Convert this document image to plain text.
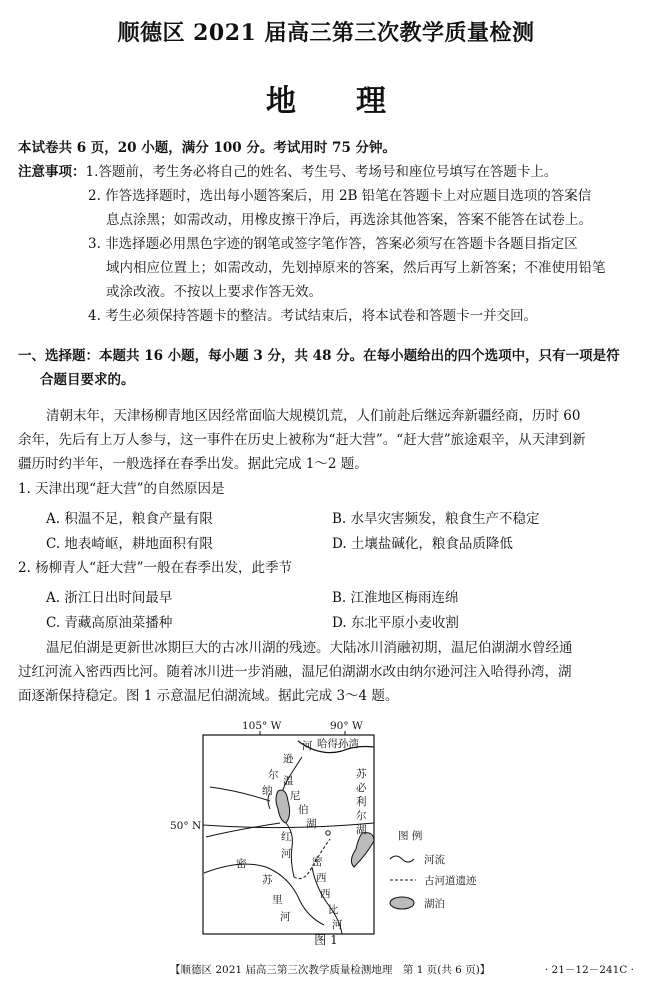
顺德区 2021 届高三第三次教学质量检测
地理
本试卷共 6 页，20 小题，满分 100 分。考试用时 75 分钟。
注意事项：1.答题前，考生务必将自己的姓名、考生号、考场号和座位号填写在答题卡上。
2. 作答选择题时，选出每小题答案后，用 2B 铅笔在答题卡上对应题目选项的答案信
息点涂黑；如需改动，用橡皮擦干净后，再选涂其他答案，答案不能答在试卷上。
3. 非选择题必用黑色字迹的钢笔或签字笔作答，答案必须写在答题卡各题目指定区
域内相应位置上；如需改动，先划掉原来的答案，然后再写上新答案；不准使用铅笔
或涂改液。不按以上要求作答无效。
4. 考生必须保持答题卡的整洁。考试结束后，将本试卷和答题卡一并交回。
一、选择题：本题共 16 小题，每小题 3 分，共 48 分。在每小题给出的四个选项中，只有一项是符
合题目要求的。
清朝末年，天津杨柳青地区因经常面临大规模饥荒，人们前赴后继远奔新疆经商，历时 60
余年，先后有上万人参与，这一事件在历史上被称为“赶大营”。“赶大营”旅途艰辛，从天津到新
疆历时约半年，一般选择在春季出发。据此完成 1～2 题。
1. 天津出现“赶大营”的自然原因是
A. 积温不足，粮食产量有限	B. 水旱灾害频发，粮食生产不稳定
C. 地表崎岖，耕地面积有限	D. 土壤盐碱化，粮食品质降低
2. 杨柳青人“赶大营”一般在春季出发，此季节
A. 浙江日出时间最早	B. 江淮地区梅雨连绵
C. 青藏高原油菜播种	D. 东北平原小麦收割
温尼伯湖是更新世冰期巨大的古冰川湖的残迹。大陆冰川消融初期，温尼伯湖湖水曾经通
过红河流入密西西比河。随着冰川进一步消融，温尼伯湖湖水改由纳尔逊河注入哈得孙湾，湖
面逐渐保持稳定。图 1 示意温尼伯湖流域。据此完成 3～4 题。
105° W	90° W
50° N
哈得孙湾
河
逊
尔
纳
温
尼
伯
湖
红
河
苏
必
利
尔
湖
密
西
西
比
河
密
苏
里
河
图 例
河流
古河道遗迹
湖泊
图 1
【顺德区 2021 届高三第三次教学质量检测地理　第 1 页(共 6 页)】	· 21－12－241C ·
